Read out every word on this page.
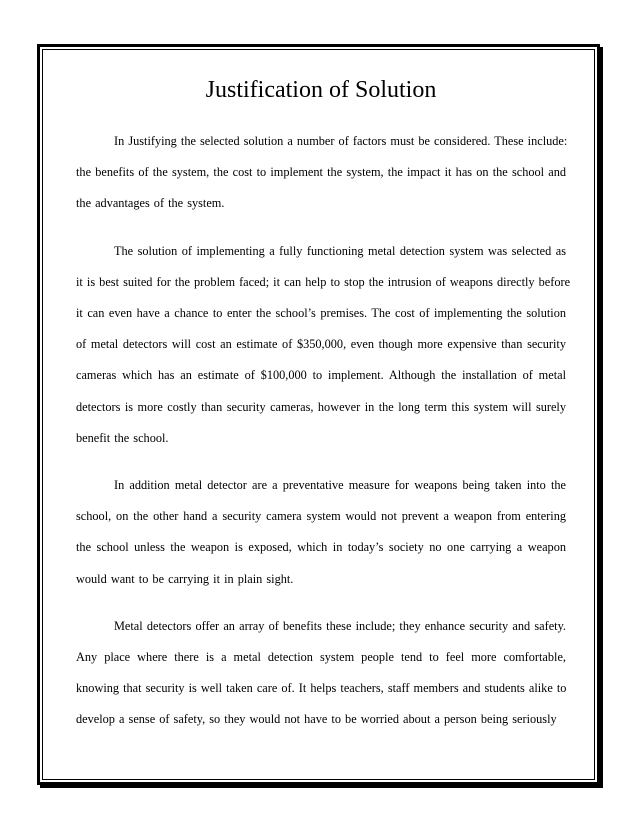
Justification of Solution

In Justifying the selected solution a number of factors must be considered. These include:
the benefits of the system, the cost to implement the system, the impact it has on the school and
the advantages of the system.

The solution of implementing a fully functioning metal detection system was selected as
it is best suited for the problem faced; it can help to stop the intrusion of weapons directly before
it can even have a chance to enter the school’s premises. The cost of implementing the solution
of metal detectors will cost an estimate of $350,000, even though more expensive than security
cameras which has an estimate of $100,000 to implement. Although the installation of metal
detectors is more costly than security cameras, however in the long term this system will surely
benefit the school.

In addition metal detector are a preventative measure for weapons being taken into the
school, on the other hand a security camera system would not prevent a weapon from entering
the school unless the weapon is exposed, which in today’s society no one carrying a weapon
would want to be carrying it in plain sight.

Metal detectors offer an array of benefits these include; they enhance security and safety.
Any place where there is a metal detection system people tend to feel more comfortable,
knowing that security is well taken care of. It helps teachers, staff members and students alike to
develop a sense of safety, so they would not have to be worried about a person being seriously
